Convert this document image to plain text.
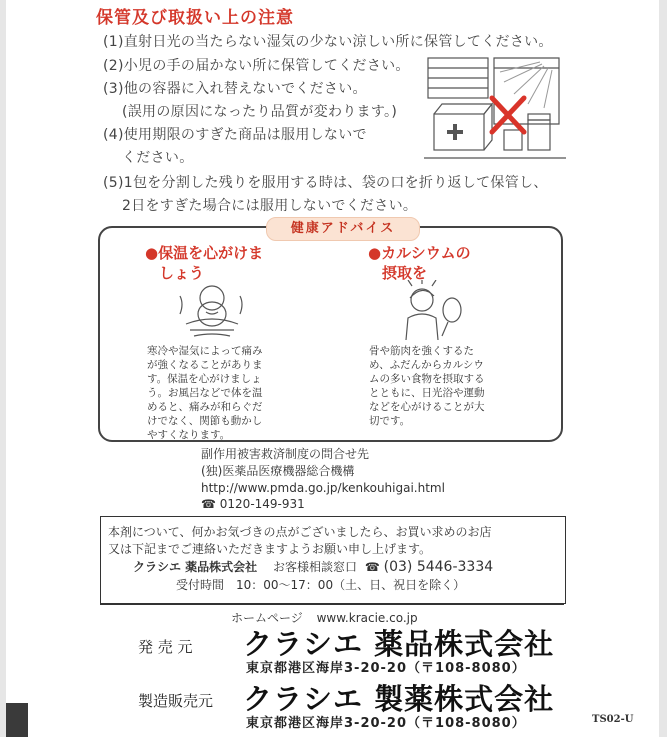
保管及び取扱い上の注意
(1)直射日光の当たらない湿気の少ない涼しい所に保管してください。
(2)小児の手の届かない所に保管してください。
(3)他の容器に入れ替えないでください。
(誤用の原因になったり品質が変わります。)
(4)使用期限のすぎた商品は服用しないで
ください。
(5)1包を分割した残りを服用する時は、袋の口を折り返して保管し、
2日をすぎた場合には服用しないでください。
健康アドバイス
●保温を心がけま
しょう
寒冷や湿気によって痛み
が強くなることがありま
す。保温を心がけましょ
う。お風呂などで体を温
めると、痛みが和らぐだ
けでなく、関節も動かし
やすくなります。
●カルシウムの
摂取を
骨や筋肉を強くするた
め、ふだんからカルシウ
ムの多い食物を摂取する
とともに、日光浴や運動
などを心がけることが大
切です。
副作用被害救済制度の問合せ先
(独)医薬品医療機器総合機構
http://www.pmda.go.jp/kenkouhigai.html
☎ 0120-149-931
本剤について、何かお気づきの点がございましたら、お買い求めのお店
又は下記までご連絡いただきますようお願い申し上げます。
クラシエ 薬品株式会社 お客様相談窓口 ☎ (03) 5446-3334
受付時間　10：00〜17：00（土、日、祝日を除く）
ホームページ www.kracie.co.jp
発 売 元 クラシエ 薬品株式会社
東京都港区海岸3-20-20（〒108-8080）
製造販売元 クラシエ 製薬株式会社
東京都港区海岸3-20-20（〒108-8080）	TS02-U
